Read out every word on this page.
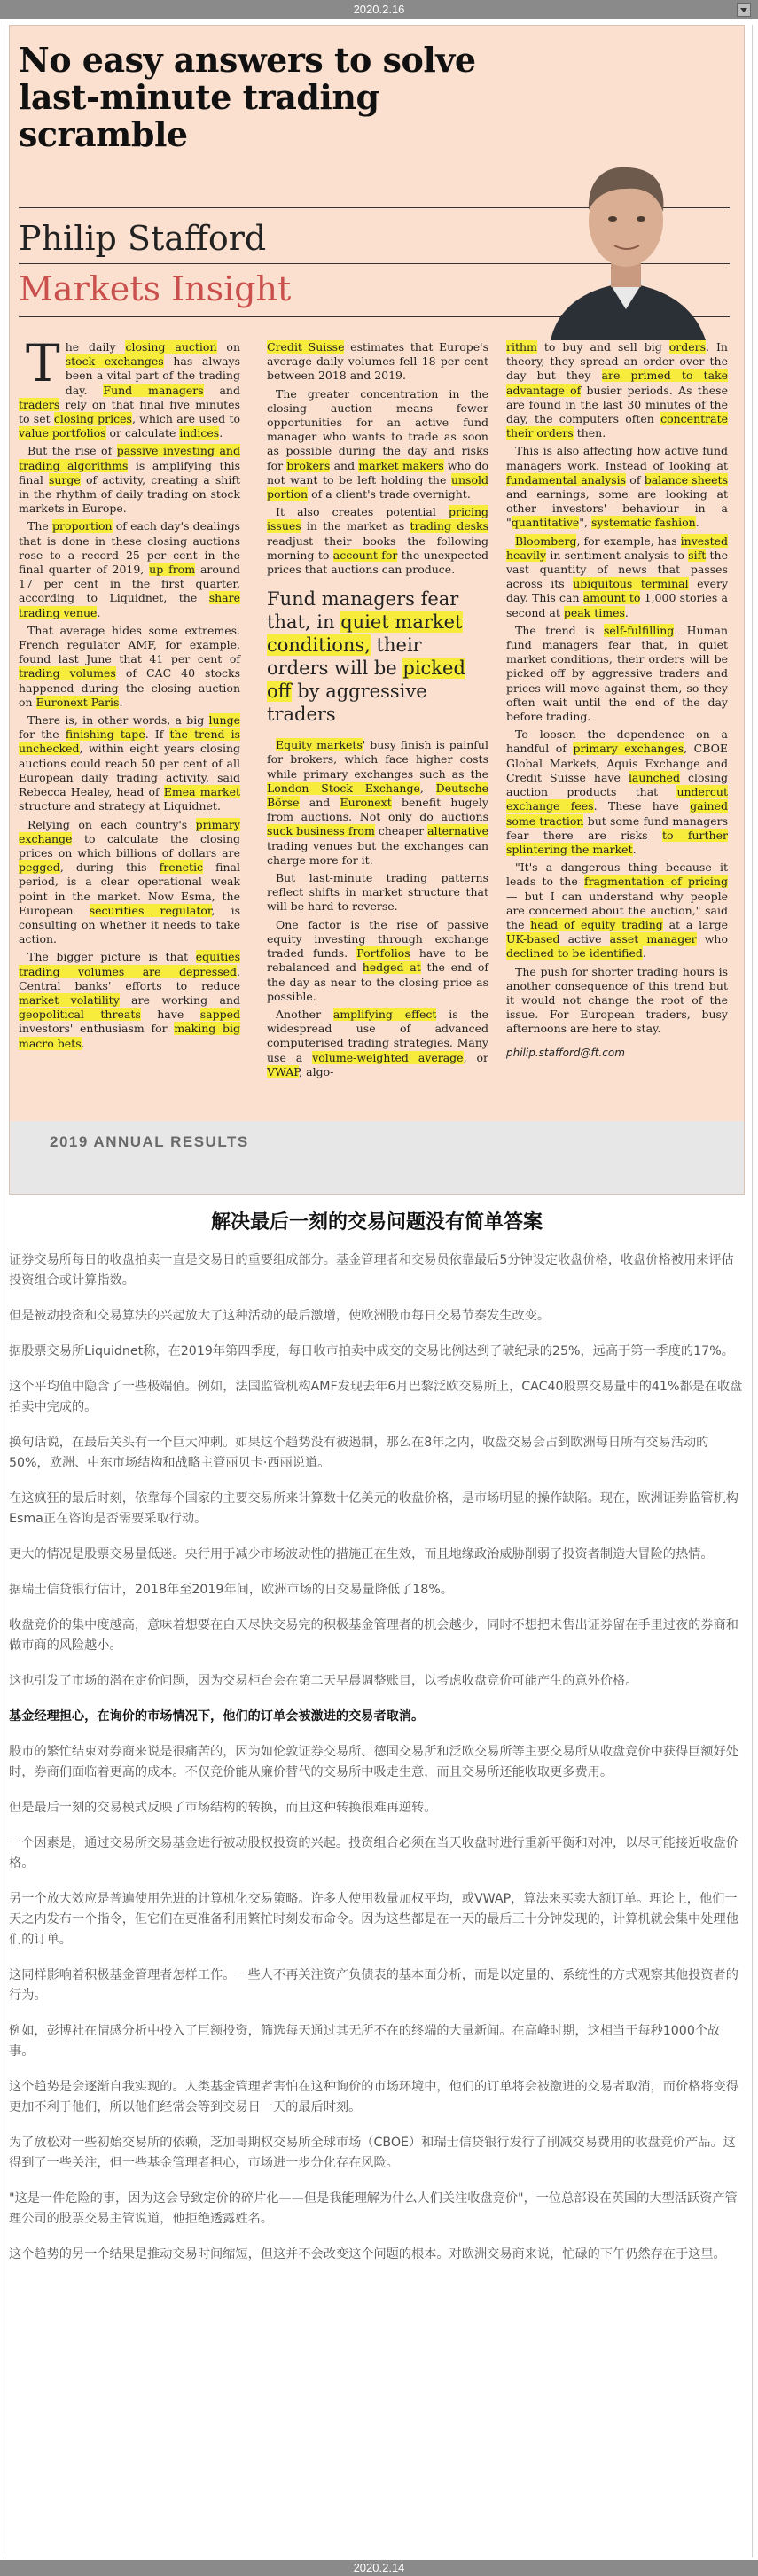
2020.2.16
No easy answers to solve last-minute trading scramble
Philip Stafford
Markets Insight

The daily closing auction on stock exchanges has always been a vital part of the trading day. Fund managers and traders rely on that final five minutes to set closing prices, which are used to value portfolios or calculate indices.

But the rise of passive investing and trading algorithms is amplifying this final surge of activity, creating a shift in the rhythm of daily trading on stock markets in Europe.

The proportion of each day's dealings that is done in these closing auctions rose to a record 25 per cent in the final quarter of 2019, up from around 17 per cent in the first quarter, according to Liquidnet, the share trading venue.

That average hides some extremes. French regulator AMF, for example, found last June that 41 per cent of trading volumes of CAC 40 stocks happened during the closing auction on Euronext Paris.

There is, in other words, a big lunge for the finishing tape. If the trend is unchecked, within eight years closing auctions could reach 50 per cent of all European daily trading activity, said Rebecca Healey, head of Emea market structure and strategy at Liquidnet.

Relying on each country's primary exchange to calculate the closing prices on which billions of dollars are pegged, during this frenetic final period, is a clear operational weak point in the market. Now Esma, the European securities regulator, is consulting on whether it needs to take action.

The bigger picture is that equities trading volumes are depressed. Central banks' efforts to reduce market volatility are working and geopolitical threats have sapped investors' enthusiasm for making big macro bets.

Credit Suisse estimates that Europe's average daily volumes fell 18 per cent between 2018 and 2019.

The greater concentration in the closing auction means fewer opportunities for an active fund manager who wants to trade as soon as possible during the day and risks for brokers and market makers who do not want to be left holding the unsold portion of a client's trade overnight.

It also creates potential pricing issues in the market as trading desks readjust their books the following morning to account for the unexpected prices that auctions can produce.

Fund managers fear that, in quiet market conditions, their orders will be picked off by aggressive traders

Equity markets' busy finish is painful for brokers, which face higher costs while primary exchanges such as the London Stock Exchange, Deutsche Börse and Euronext benefit hugely from auctions. Not only do auctions suck business from cheaper alternative trading venues but the exchanges can charge more for it.

But last-minute trading patterns reflect shifts in market structure that will be hard to reverse.

One factor is the rise of passive equity investing through exchange traded funds. Portfolios have to be rebalanced and hedged at the end of the day as near to the closing price as possible.

Another amplifying effect is the widespread use of advanced computerised trading strategies. Many use a volume-weighted average, or VWAP, algo-

rithm to buy and sell big orders. In theory, they spread an order over the day but they are primed to take advantage of busier periods. As these are found in the last 30 minutes of the day, the computers often concentrate their orders then.

This is also affecting how active fund managers work. Instead of looking at fundamental analysis of balance sheets and earnings, some are looking at other investors' behaviour in a "quantitative", systematic fashion.

Bloomberg, for example, has invested heavily in sentiment analysis to sift the vast quantity of news that passes across its ubiquitous terminal every day. This can amount to 1,000 stories a second at peak times.

The trend is self-fulfilling. Human fund managers fear that, in quiet market conditions, their orders will be picked off by aggressive traders and prices will move against them, so they often wait until the end of the day before trading.

To loosen the dependence on a handful of primary exchanges, CBOE Global Markets, Aquis Exchange and Credit Suisse have launched closing auction products that undercut exchange fees. These have gained some traction but some fund managers fear there are risks to further splintering the market.

"It's a dangerous thing because it leads to the fragmentation of pricing — but I can understand why people are concerned about the auction," said the head of equity trading at a large UK-based active asset manager who declined to be identified.

The push for shorter trading hours is another consequence of this trend but it would not change the root of the issue. For European traders, busy afternoons are here to stay.

philip.stafford@ft.com
2019 ANNUAL RESULTS
解决最后一刻的交易问题没有简单答案

证券交易所每日的收盘拍卖一直是交易日的重要组成部分。基金管理者和交易员依靠最后5分钟设定收盘价格，收盘价格被用来评估投资组合或计算指数。

但是被动投资和交易算法的兴起放大了这种活动的最后激增，使欧洲股市每日交易节奏发生改变。

据股票交易所Liquidnet称，在2019年第四季度，每日收市拍卖中成交的交易比例达到了破纪录的25%，远高于第一季度的17%。

这个平均值中隐含了一些极端值。例如，法国监管机构AMF发现去年6月巴黎泛欧交易所上，CAC40股票交易量中的41%都是在收盘拍卖中完成的。

换句话说，在最后关头有一个巨大冲刺。如果这个趋势没有被遏制，那么在8年之内，收盘交易会占到欧洲每日所有交易活动的50%，欧洲、中东市场结构和战略主管丽贝卡·西丽说道。

在这疯狂的最后时刻，依靠每个国家的主要交易所来计算数十亿美元的收盘价格，是市场明显的操作缺陷。现在，欧洲证券监管机构Esma正在咨询是否需要采取行动。

更大的情况是股票交易量低迷。央行用于减少市场波动性的措施正在生效，而且地缘政治威胁削弱了投资者制造大冒险的热情。

据瑞士信贷银行估计，2018年至2019年间，欧洲市场的日交易量降低了18%。

收盘竞价的集中度越高，意味着想要在白天尽快交易完的积极基金管理者的机会越少，同时不想把未售出证券留在手里过夜的券商和做市商的风险越小。

这也引发了市场的潜在定价问题，因为交易柜台会在第二天早晨调整账目，以考虑收盘竞价可能产生的意外价格。

基金经理担心，在询价的市场情况下，他们的订单会被激进的交易者取消。

股市的繁忙结束对券商来说是很痛苦的，因为如伦敦证券交易所、德国交易所和泛欧交易所等主要交易所从收盘竞价中获得巨额好处时，券商们面临着更高的成本。不仅竞价能从廉价替代的交易所中吸走生意，而且交易所还能收取更多费用。

但是最后一刻的交易模式反映了市场结构的转换，而且这种转换很难再逆转。

一个因素是，通过交易所交易基金进行被动股权投资的兴起。投资组合必须在当天收盘时进行重新平衡和对冲，以尽可能接近收盘价格。

另一个放大效应是普遍使用先进的计算机化交易策略。许多人使用数量加权平均，或VWAP，算法来买卖大额订单。理论上，他们一天之内发布一个指令，但它们在更准备利用繁忙时刻发布命令。因为这些都是在一天的最后三十分钟发现的，计算机就会集中处理他们的订单。

这同样影响着积极基金管理者怎样工作。一些人不再关注资产负债表的基本面分析，而是以定量的、系统性的方式观察其他投资者的行为。

例如，彭博社在情感分析中投入了巨额投资，筛选每天通过其无所不在的终端的大量新闻。在高峰时期，这相当于每秒1000个故事。

这个趋势是会逐渐自我实现的。人类基金管理者害怕在这种询价的市场环境中，他们的订单将会被激进的交易者取消，而价格将变得更加不利于他们，所以他们经常会等到交易日一天的最后时刻。

为了放松对一些初始交易所的依赖，芝加哥期权交易所全球市场（CBOE）和瑞士信贷银行发行了削减交易费用的收盘竞价产品。这得到了一些关注，但一些基金管理者担心，市场进一步分化存在风险。

"这是一件危险的事，因为这会导致定价的碎片化——但是我能理解为什么人们关注收盘竞价"，一位总部设在英国的大型活跃资产管理公司的股票交易主管说道，他拒绝透露姓名。

这个趋势的另一个结果是推动交易时间缩短，但这并不会改变这个问题的根本。对欧洲交易商来说，忙碌的下午仍然存在于这里。

2020.2.14
